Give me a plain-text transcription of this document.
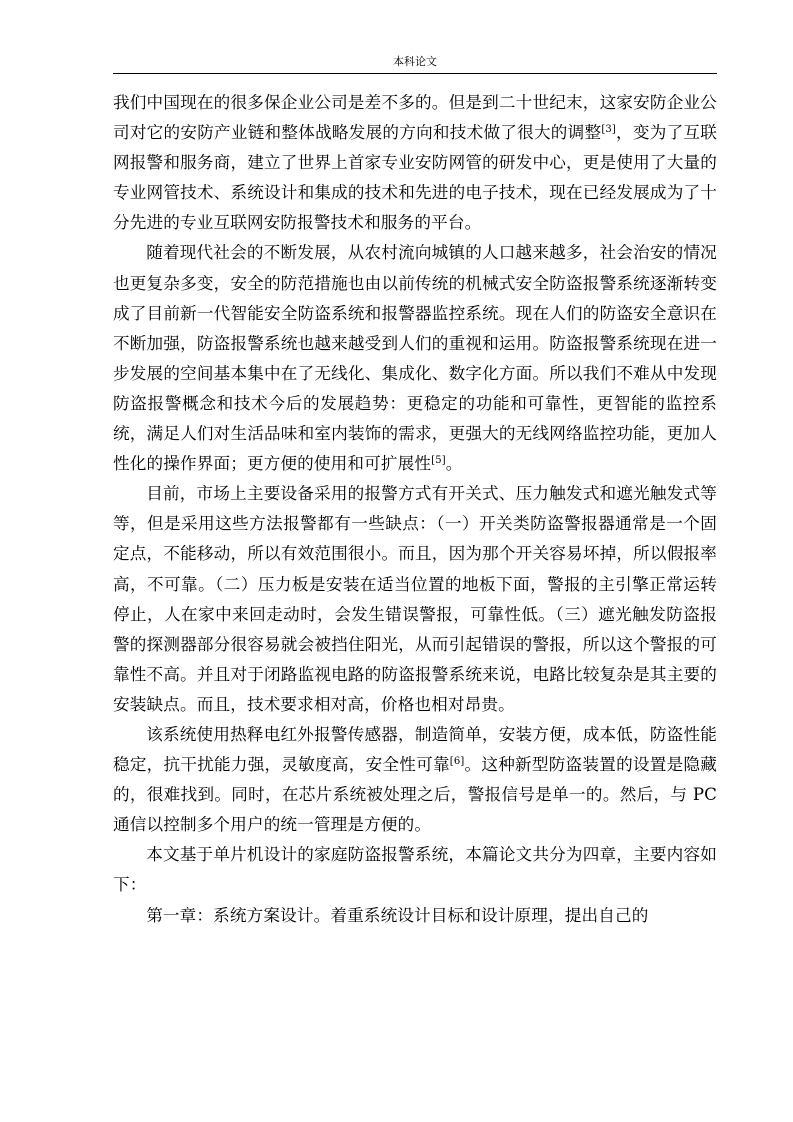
本科论文

我们中国现在的很多保企业公司是差不多的。但是到二十世纪末，这家安防企业公司对它的安防产业链和整体战略发展的方向和技术做了很大的调整[3]，变为了互联网报警和服务商，建立了世界上首家专业安防网管的研发中心，更是使用了大量的专业网管技术、系统设计和集成的技术和先进的电子技术，现在已经发展成为了十分先进的专业互联网安防报警技术和服务的平台。

随着现代社会的不断发展，从农村流向城镇的人口越来越多，社会治安的情况也更复杂多变，安全的防范措施也由以前传统的机械式安全防盗报警系统逐渐转变成了目前新一代智能安全防盗系统和报警器监控系统。现在人们的防盗安全意识在不断加强，防盗报警系统也越来越受到人们的重视和运用。防盗报警系统现在进一步发展的空间基本集中在了无线化、集成化、数字化方面。所以我们不难从中发现防盗报警概念和技术今后的发展趋势：更稳定的功能和可靠性，更智能的监控系统，满足人们对生活品味和室内装饰的需求，更强大的无线网络监控功能，更加人性化的操作界面；更方便的使用和可扩展性[5]。

目前，市场上主要设备采用的报警方式有开关式、压力触发式和遮光触发式等等，但是采用这些方法报警都有一些缺点：（一）开关类防盗警报器通常是一个固定点，不能移动，所以有效范围很小。而且，因为那个开关容易坏掉，所以假报率高，不可靠。（二）压力板是安装在适当位置的地板下面，警报的主引擎正常运转停止，人在家中来回走动时，会发生错误警报，可靠性低。（三）遮光触发防盗报警的探测器部分很容易就会被挡住阳光，从而引起错误的警报，所以这个警报的可靠性不高。并且对于闭路监视电路的防盗报警系统来说，电路比较复杂是其主要的安装缺点。而且，技术要求相对高，价格也相对昂贵。

该系统使用热释电红外报警传感器，制造简单，安装方便，成本低，防盗性能稳定，抗干扰能力强，灵敏度高，安全性可靠[6]。这种新型防盗装置的设置是隐藏的，很难找到。同时，在芯片系统被处理之后，警报信号是单一的。然后，与 PC 通信以控制多个用户的统一管理是方便的。

本文基于单片机设计的家庭防盗报警系统，本篇论文共分为四章，主要内容如下：

第一章：系统方案设计。着重系统设计目标和设计原理，提出自己的
